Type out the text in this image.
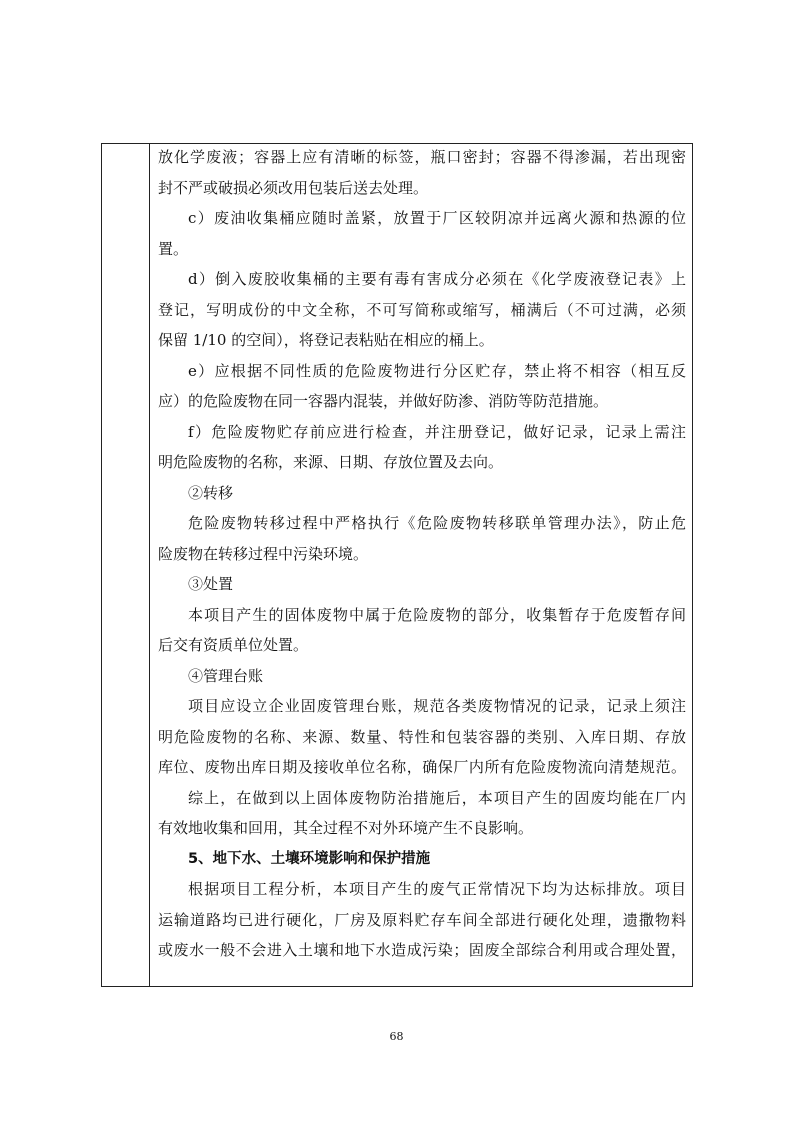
放化学废液；容器上应有清晰的标签，瓶口密封；容器不得渗漏，若出现密
封不严或破损必须改用包装后送去处理。
c）废油收集桶应随时盖紧，放置于厂区较阴凉并远离火源和热源的位
置。
d）倒入废胶收集桶的主要有毒有害成分必须在《化学废液登记表》上
登记，写明成份的中文全称，不可写简称或缩写，桶满后（不可过满，必须
保留 1/10 的空间），将登记表粘贴在相应的桶上。
e）应根据不同性质的危险废物进行分区贮存，禁止将不相容（相互反
应）的危险废物在同一容器内混装，并做好防渗、消防等防范措施。
f）危险废物贮存前应进行检查，并注册登记，做好记录，记录上需注
明危险废物的名称，来源、日期、存放位置及去向。
②转移
危险废物转移过程中严格执行《危险废物转移联单管理办法》，防止危
险废物在转移过程中污染环境。
③处置
本项目产生的固体废物中属于危险废物的部分，收集暂存于危废暂存间
后交有资质单位处置。
④管理台账
项目应设立企业固废管理台账，规范各类废物情况的记录，记录上须注
明危险废物的名称、来源、数量、特性和包装容器的类别、入库日期、存放
库位、废物出库日期及接收单位名称，确保厂内所有危险废物流向清楚规范。
综上，在做到以上固体废物防治措施后，本项目产生的固废均能在厂内
有效地收集和回用，其全过程不对外环境产生不良影响。
5、地下水、土壤环境影响和保护措施
根据项目工程分析，本项目产生的废气正常情况下均为达标排放。项目
运输道路均已进行硬化，厂房及原料贮存车间全部进行硬化处理，遗撒物料
或废水一般不会进入土壤和地下水造成污染；固废全部综合利用或合理处置，
68
